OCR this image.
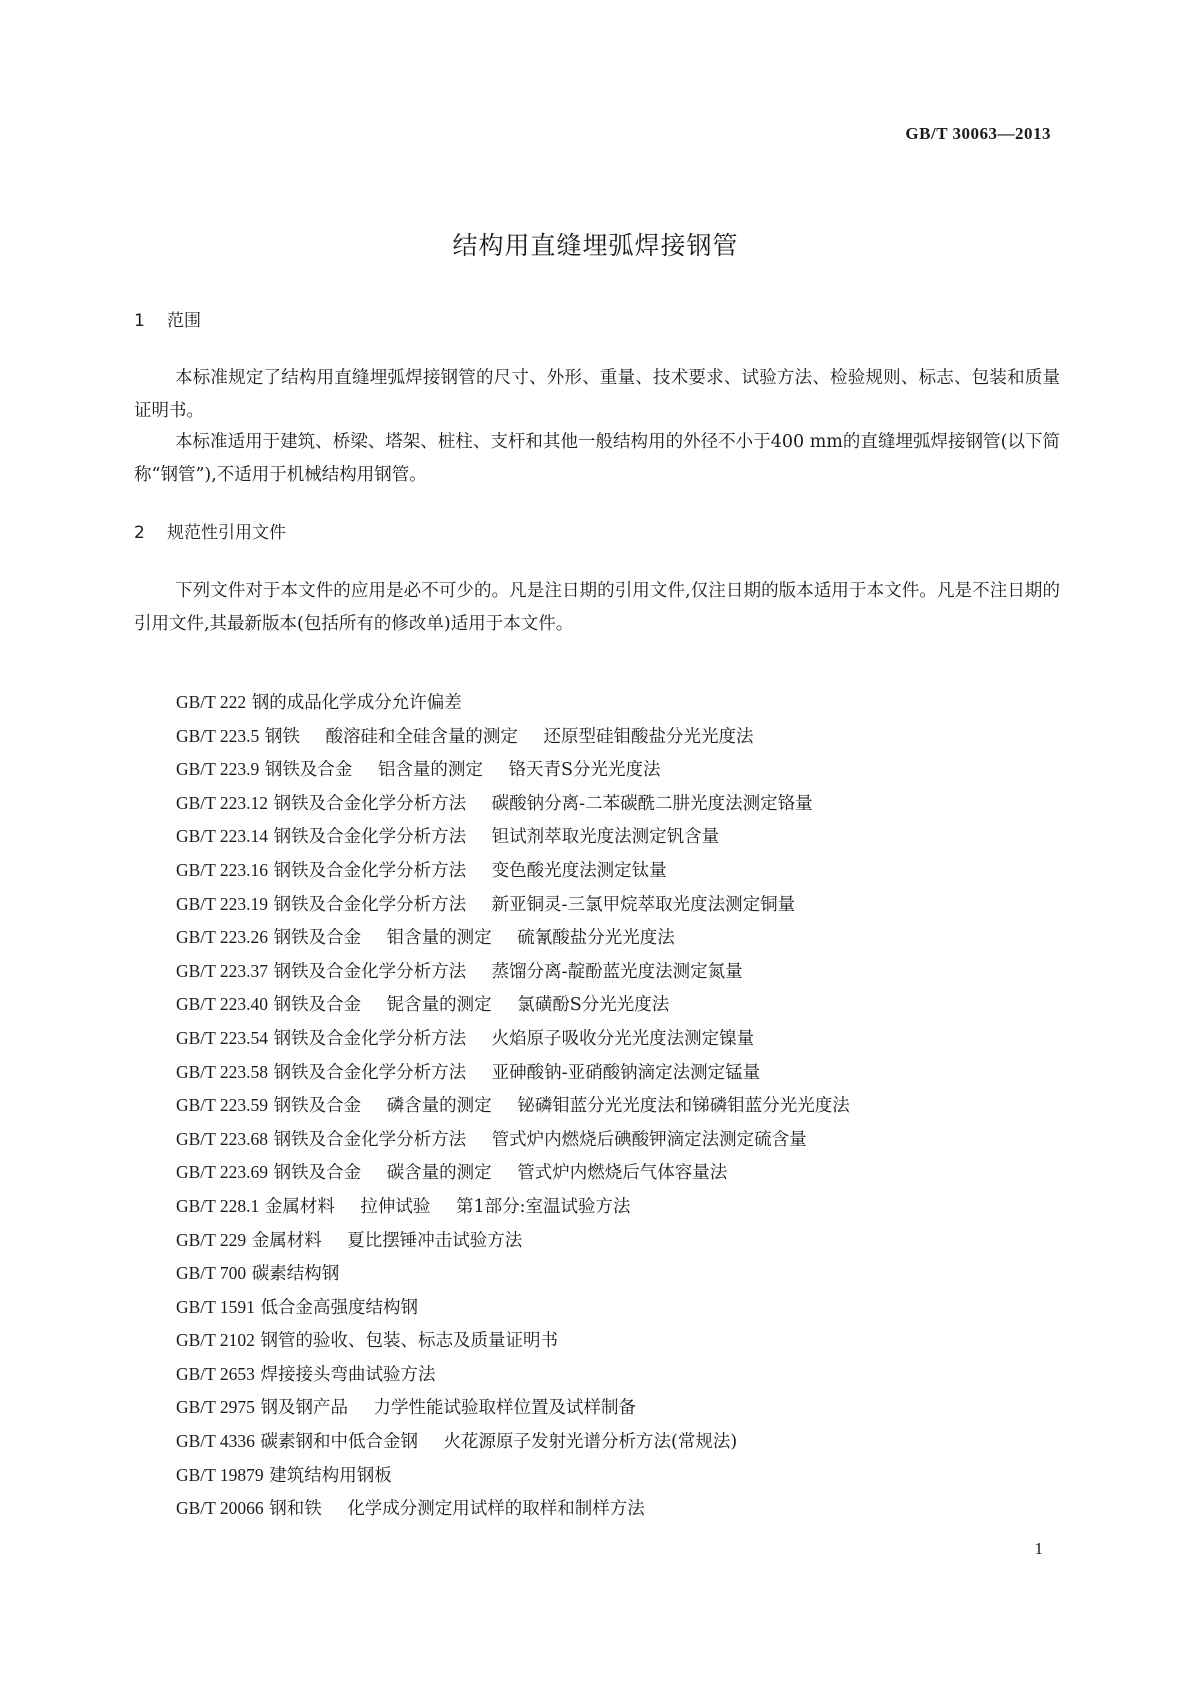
GB/T 30063—2013
结构用直缝埋弧焊接钢管
1 范围
本标准规定了结构用直缝埋弧焊接钢管的尺寸、外形、重量、技术要求、试验方法、检验规则、标志、包装和质量证明书。
本标准适用于建筑、桥梁、塔架、桩柱、支杆和其他一般结构用的外径不小于400 mm的直缝埋弧焊接钢管(以下简称“钢管”),不适用于机械结构用钢管。
2 规范性引用文件
下列文件对于本文件的应用是必不可少的。凡是注日期的引用文件,仅注日期的版本适用于本文件。凡是不注日期的引用文件,其最新版本(包括所有的修改单)适用于本文件。
GB/T 222 钢的成品化学成分允许偏差
GB/T 223.5 钢铁 酸溶硅和全硅含量的测定 还原型硅钼酸盐分光光度法
GB/T 223.9 钢铁及合金 铝含量的测定 铬天青S分光光度法
GB/T 223.12 钢铁及合金化学分析方法 碳酸钠分离-二苯碳酰二肼光度法测定铬量
GB/T 223.14 钢铁及合金化学分析方法 钽试剂萃取光度法测定钒含量
GB/T 223.16 钢铁及合金化学分析方法 变色酸光度法测定钛量
GB/T 223.19 钢铁及合金化学分析方法 新亚铜灵-三氯甲烷萃取光度法测定铜量
GB/T 223.26 钢铁及合金 钼含量的测定 硫氰酸盐分光光度法
GB/T 223.37 钢铁及合金化学分析方法 蒸馏分离-靛酚蓝光度法测定氮量
GB/T 223.40 钢铁及合金 铌含量的测定 氯磺酚S分光光度法
GB/T 223.54 钢铁及合金化学分析方法 火焰原子吸收分光光度法测定镍量
GB/T 223.58 钢铁及合金化学分析方法 亚砷酸钠-亚硝酸钠滴定法测定锰量
GB/T 223.59 钢铁及合金 磷含量的测定 铋磷钼蓝分光光度法和锑磷钼蓝分光光度法
GB/T 223.68 钢铁及合金化学分析方法 管式炉内燃烧后碘酸钾滴定法测定硫含量
GB/T 223.69 钢铁及合金 碳含量的测定 管式炉内燃烧后气体容量法
GB/T 228.1 金属材料 拉伸试验 第1部分:室温试验方法
GB/T 229 金属材料 夏比摆锤冲击试验方法
GB/T 700 碳素结构钢
GB/T 1591 低合金高强度结构钢
GB/T 2102 钢管的验收、包装、标志及质量证明书
GB/T 2653 焊接接头弯曲试验方法
GB/T 2975 钢及钢产品 力学性能试验取样位置及试样制备
GB/T 4336 碳素钢和中低合金钢 火花源原子发射光谱分析方法(常规法)
GB/T 19879 建筑结构用钢板
GB/T 20066 钢和铁 化学成分测定用试样的取样和制样方法
1
